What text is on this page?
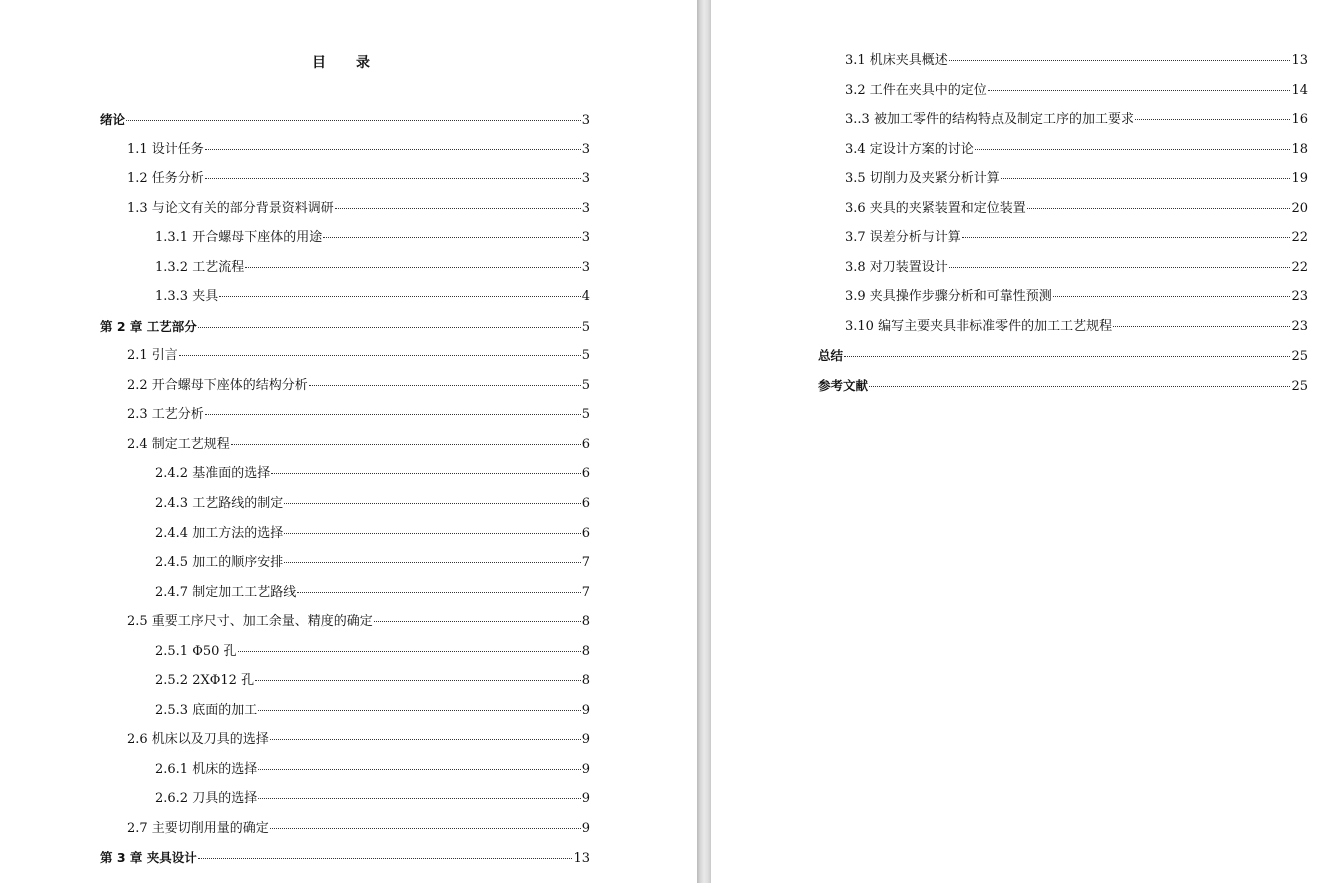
目　录
绪论	3
1.1 设计任务	3
1.2 任务分析	3
1.3 与论文有关的部分背景资料调研	3
1.3.1 开合螺母下座体的用途	3
1.3.2 工艺流程	3
1.3.3 夹具	4
第 2 章 工艺部分	5
2.1 引言	5
2.2 开合螺母下座体的结构分析	5
2.3 工艺分析	5
2.4 制定工艺规程	6
2.4.2 基准面的选择	6
2.4.3 工艺路线的制定	6
2.4.4 加工方法的选择	6
2.4.5 加工的顺序安排	7
2.4.7 制定加工工艺路线	7
2.5 重要工序尺寸、加工余量、精度的确定	8
2.5.1 Φ50 孔	8
2.5.2 2XΦ12 孔	8
2.5.3 底面的加工	9
2.6 机床以及刀具的选择	9
2.6.1 机床的选择	9
2.6.2 刀具的选择	9
2.7 主要切削用量的确定	9
第 3 章 夹具设计	13
3.1 机床夹具概述	13
3.2 工件在夹具中的定位	14
3..3 被加工零件的结构特点及制定工序的加工要求	16
3.4 定设计方案的讨论	18
3.5 切削力及夹紧分析计算	19
3.6 夹具的夹紧装置和定位装置	20
3.7 误差分析与计算	22
3.8 对刀装置设计	22
3.9 夹具操作步骤分析和可靠性预测	23
3.10 编写主要夹具非标准零件的加工工艺规程	23
总结	25
参考文献	25
